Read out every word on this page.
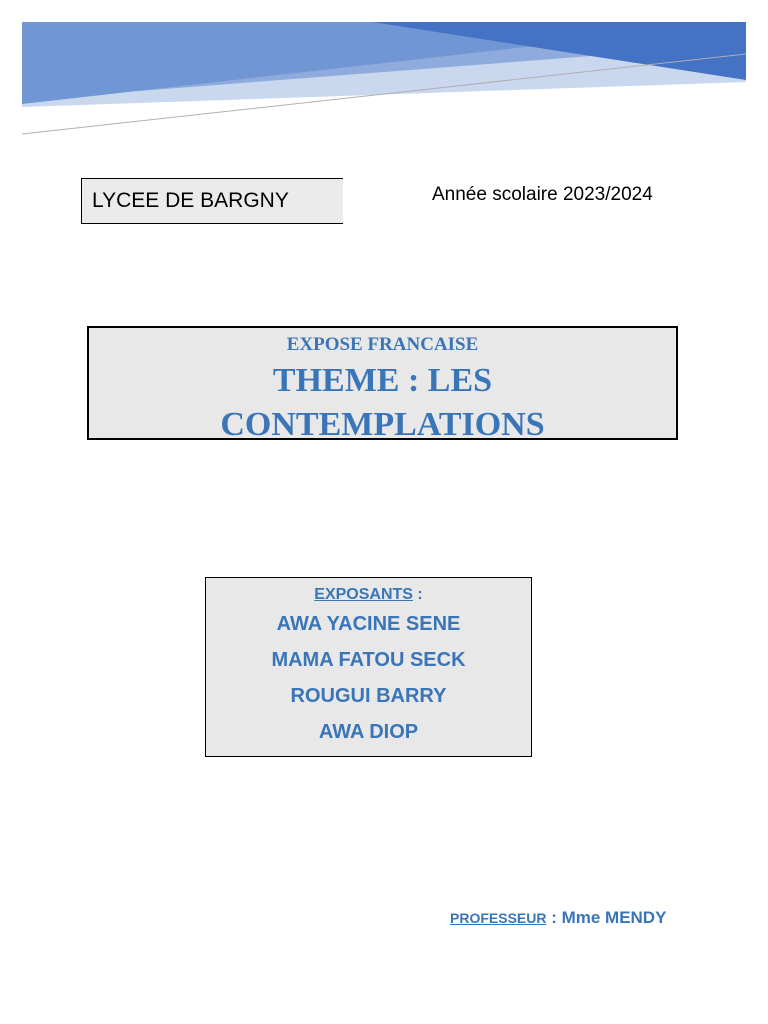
LYCEE DE BARGNY	Année scolaire 2023/2024
EXPOSE FRANCAISE
THEME : LES
CONTEMPLATIONS
EXPOSANTS :
AWA YACINE SENE
MAMA FATOU SECK
ROUGUI BARRY
AWA DIOP
PROFESSEUR : Mme MENDY
